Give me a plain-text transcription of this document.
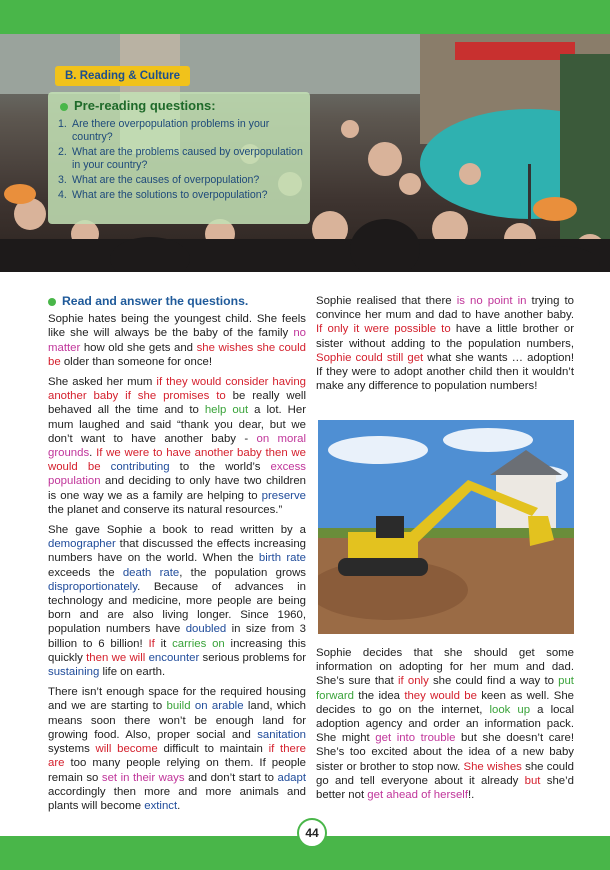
B. Reading & Culture
Pre-reading questions:
1. Are there overpopulation problems in your country?
2. What are the problems caused by overpopulation in your country?
3. What are the causes of overpopulation?
4. What are the solutions to overpopulation?
Read and answer the questions.

Sophie hates being the youngest child. She feels like she will always be the baby of the family no matter how old she gets and she wishes she could be older than someone for once!

She asked her mum if they would consider having another baby if she promises to be really well behaved all the time and to help out a lot. Her mum laughed and said “thank you dear, but we don’t want to have another baby - on moral grounds. If we were to have another baby then we would be contributing to the world’s excess population and deciding to only have two children is one way we as a family are helping to preserve the planet and conserve its natural resources.”

She gave Sophie a book to read written by a demographer that discussed the effects increasing numbers have on the world. When the birth rate exceeds the death rate, the population grows disproportionately. Because of advances in technology and medicine, more people are being born and are also living longer. Since 1960, population numbers have doubled in size from 3 billion to 6 billion! If it carries on increasing this quickly then we will encounter serious problems for sustaining life on earth.

There isn’t enough space for the required housing and we are starting to build on arable land, which means soon there won’t be enough land for growing food. Also, proper social and sanitation systems will become difficult to maintain if there are too many people relying on them. If people remain so set in their ways and don’t start to adapt accordingly then more and more animals and plants will become extinct.

Sophie realised that there is no point in trying to convince her mum and dad to have another baby. If only it were possible to have a little brother or sister without adding to the population numbers, Sophie could still get what she wants … adoption! If they were to adopt another child then it wouldn’t make any difference to population numbers!

Sophie decides that she should get some information on adopting for her mum and dad. She’s sure that if only she could find a way to put forward the idea they would be keen as well. She decides to go on the internet, look up a local adoption agency and order an information pack. She might get into trouble but she doesn’t care! She’s too excited about the idea of a new baby sister or brother to stop now. She wishes she could go and tell everyone about it already but she’d better not get ahead of herself!.

44
